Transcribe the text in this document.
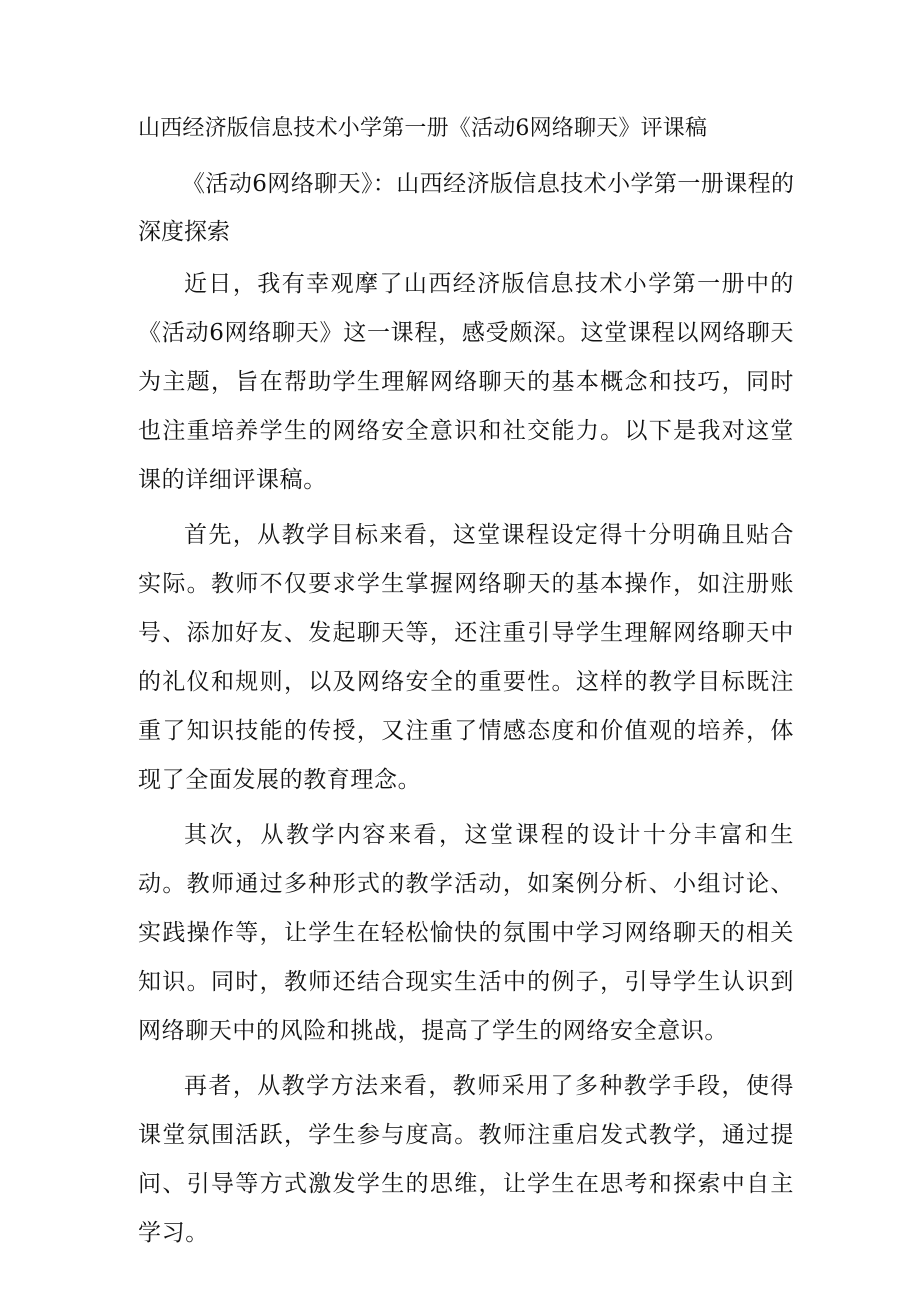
山西经济版信息技术小学第一册《活动6网络聊天》评课稿
《活动6网络聊天》：山西经济版信息技术小学第一册课程的深度探索

近日，我有幸观摩了山西经济版信息技术小学第一册中的《活动6网络聊天》这一课程，感受颇深。这堂课程以网络聊天为主题，旨在帮助学生理解网络聊天的基本概念和技巧，同时也注重培养学生的网络安全意识和社交能力。以下是我对这堂课的详细评课稿。

首先，从教学目标来看，这堂课程设定得十分明确且贴合实际。教师不仅要求学生掌握网络聊天的基本操作，如注册账号、添加好友、发起聊天等，还注重引导学生理解网络聊天中的礼仪和规则，以及网络安全的重要性。这样的教学目标既注重了知识技能的传授，又注重了情感态度和价值观的培养，体现了全面发展的教育理念。

其次，从教学内容来看，这堂课程的设计十分丰富和生动。教师通过多种形式的教学活动，如案例分析、小组讨论、实践操作等，让学生在轻松愉快的氛围中学习网络聊天的相关知识。同时，教师还结合现实生活中的例子，引导学生认识到网络聊天中的风险和挑战，提高了学生的网络安全意识。

再者，从教学方法来看，教师采用了多种教学手段，使得课堂氛围活跃，学生参与度高。教师注重启发式教学，通过提问、引导等方式激发学生的思维，让学生在思考和探索中自主学习。
